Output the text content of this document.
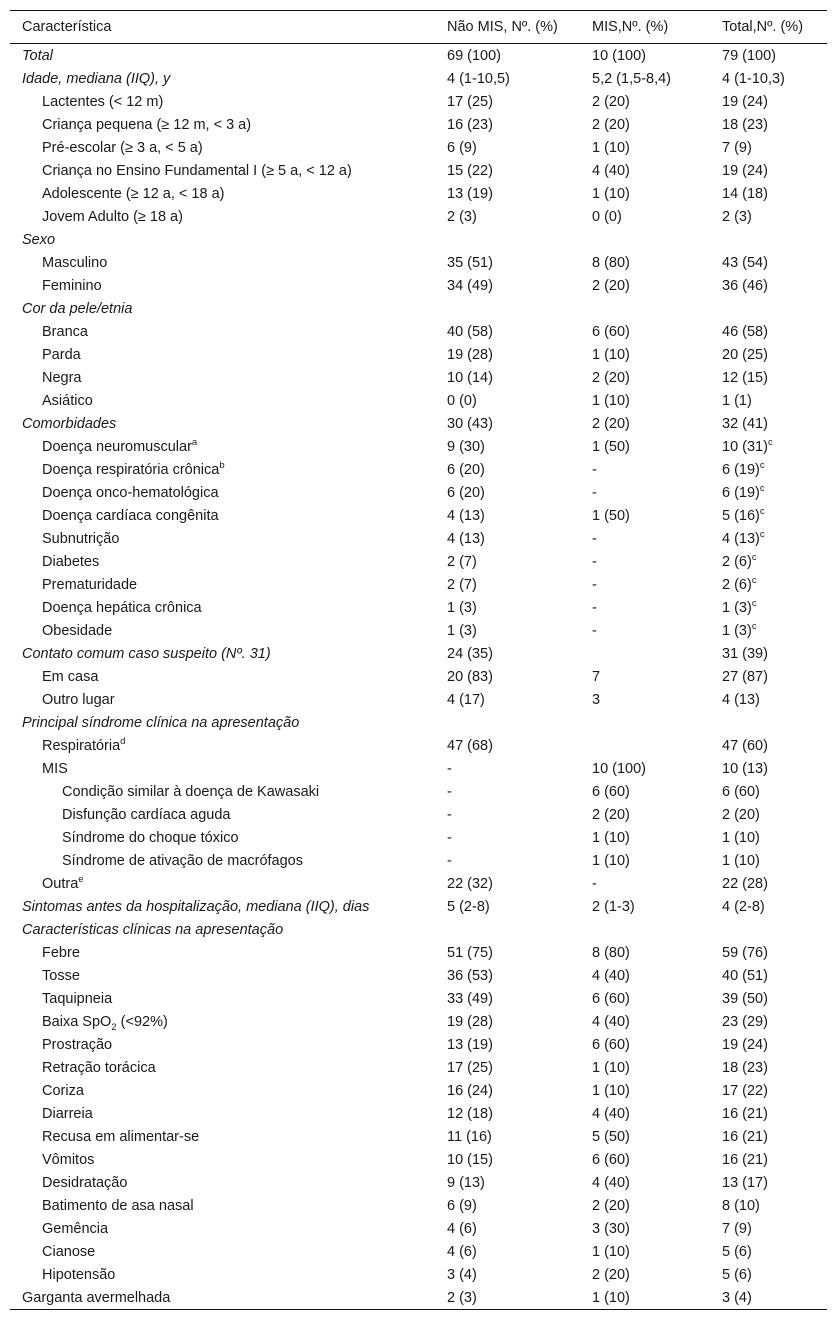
Característica	Não MIS, Nº. (%)	MIS,Nº. (%)	Total,Nº. (%)
Total	69 (100)	10 (100)	79 (100)
Idade, mediana (IIQ), y	4 (1-10,5)	5,2 (1,5-8,4)	4 (1-10,3)
Lactentes (< 12 m)	17 (25)	2 (20)	19 (24)
Criança pequena (≥ 12 m, < 3 a)	16 (23)	2 (20)	18 (23)
Pré-escolar (≥ 3 a, < 5 a)	6 (9)	1 (10)	7 (9)
Criança no Ensino Fundamental I (≥ 5 a, < 12 a)	15 (22)	4 (40)	19 (24)
Adolescente (≥ 12 a, < 18 a)	13 (19)	1 (10)	14 (18)
Jovem Adulto (≥ 18 a)	2 (3)	0 (0)	2 (3)
Sexo			
Masculino	35 (51)	8 (80)	43 (54)
Feminino	34 (49)	2 (20)	36 (46)
Cor da pele/etnia			
Branca	40 (58)	6 (60)	46 (58)
Parda	19 (28)	1 (10)	20 (25)
Negra	10 (14)	2 (20)	12 (15)
Asiático	0 (0)	1 (10)	1 (1)
Comorbidades	30 (43)	2 (20)	32 (41)
Doença neuromuscular$^a$	9 (30)	1 (50)	10 $(31)^c$
Doença respiratória crônica$^b$	6 (20)	-	6 $(19)^c$
Doença onco-hematológica	6 (20)	-	6 $(19)^c$
Doença cardíaca congênita	4 (13)	1 (50)	5 $(16)^c$
Subnutrição	4 (13)	-	4 $(13)^c$
Diabetes	2 (7)	-	2 $(6)^c$
Prematuridade	2 (7)	-	2 $(6)^c$
Doença hepática crônica	1 (3)	-	1 $(3)^c$
Obesidade	1 (3)	-	1 $(3)^c$
Contato comum caso suspeito (Nº. 31)	24 (35)		31 (39)
Em casa	20 (83)	7	27 (87)
Outro lugar	4 (17)	3	4 (13)
Principal síndrome clínica na apresentação			
Respiratória$^d$	47 (68)		47 (60)
MIS	-	10 (100)	10 (13)
Condição similar à doença de Kawasaki	-	6 (60)	6 (60)
Disfunção cardíaca aguda	-	2 (20)	2 (20)
Síndrome do choque tóxico	-	1 (10)	1 (10)
Síndrome de ativação de macrófagos	-	1 (10)	1 (10)
Outra$^e$	22 (32)	-	22 (28)
Sintomas antes da hospitalização, mediana (IIQ), dias	5 (2-8)	2 (1-3)	4 (2-8)
Características clínicas na apresentação			
Febre	51 (75)	8 (80)	59 (76)
Tosse	36 (53)	4 (40)	40 (51)
Taquipneia	33 (49)	6 (60)	39 (50)
Baixa SpO$_2$ (<92%)	19 (28)	4 (40)	23 (29)
Prostração	13 (19)	6 (60)	19 (24)
Retração torácica	17 (25)	1 (10)	18 (23)
Coriza	16 (24)	1 (10)	17 (22)
Diarreia	12 (18)	4 (40)	16 (21)
Recusa em alimentar-se	11 (16)	5 (50)	16 (21)
Vômitos	10 (15)	6 (60)	16 (21)
Desidratação	9 (13)	4 (40)	13 (17)
Batimento de asa nasal	6 (9)	2 (20)	8 (10)
Gemência	4 (6)	3 (30)	7 (9)
Cianose	4 (6)	1 (10)	5 (6)
Hipotensão	3 (4)	2 (20)	5 (6)
Garganta avermelhada	2 (3)	1 (10)	3 (4)
